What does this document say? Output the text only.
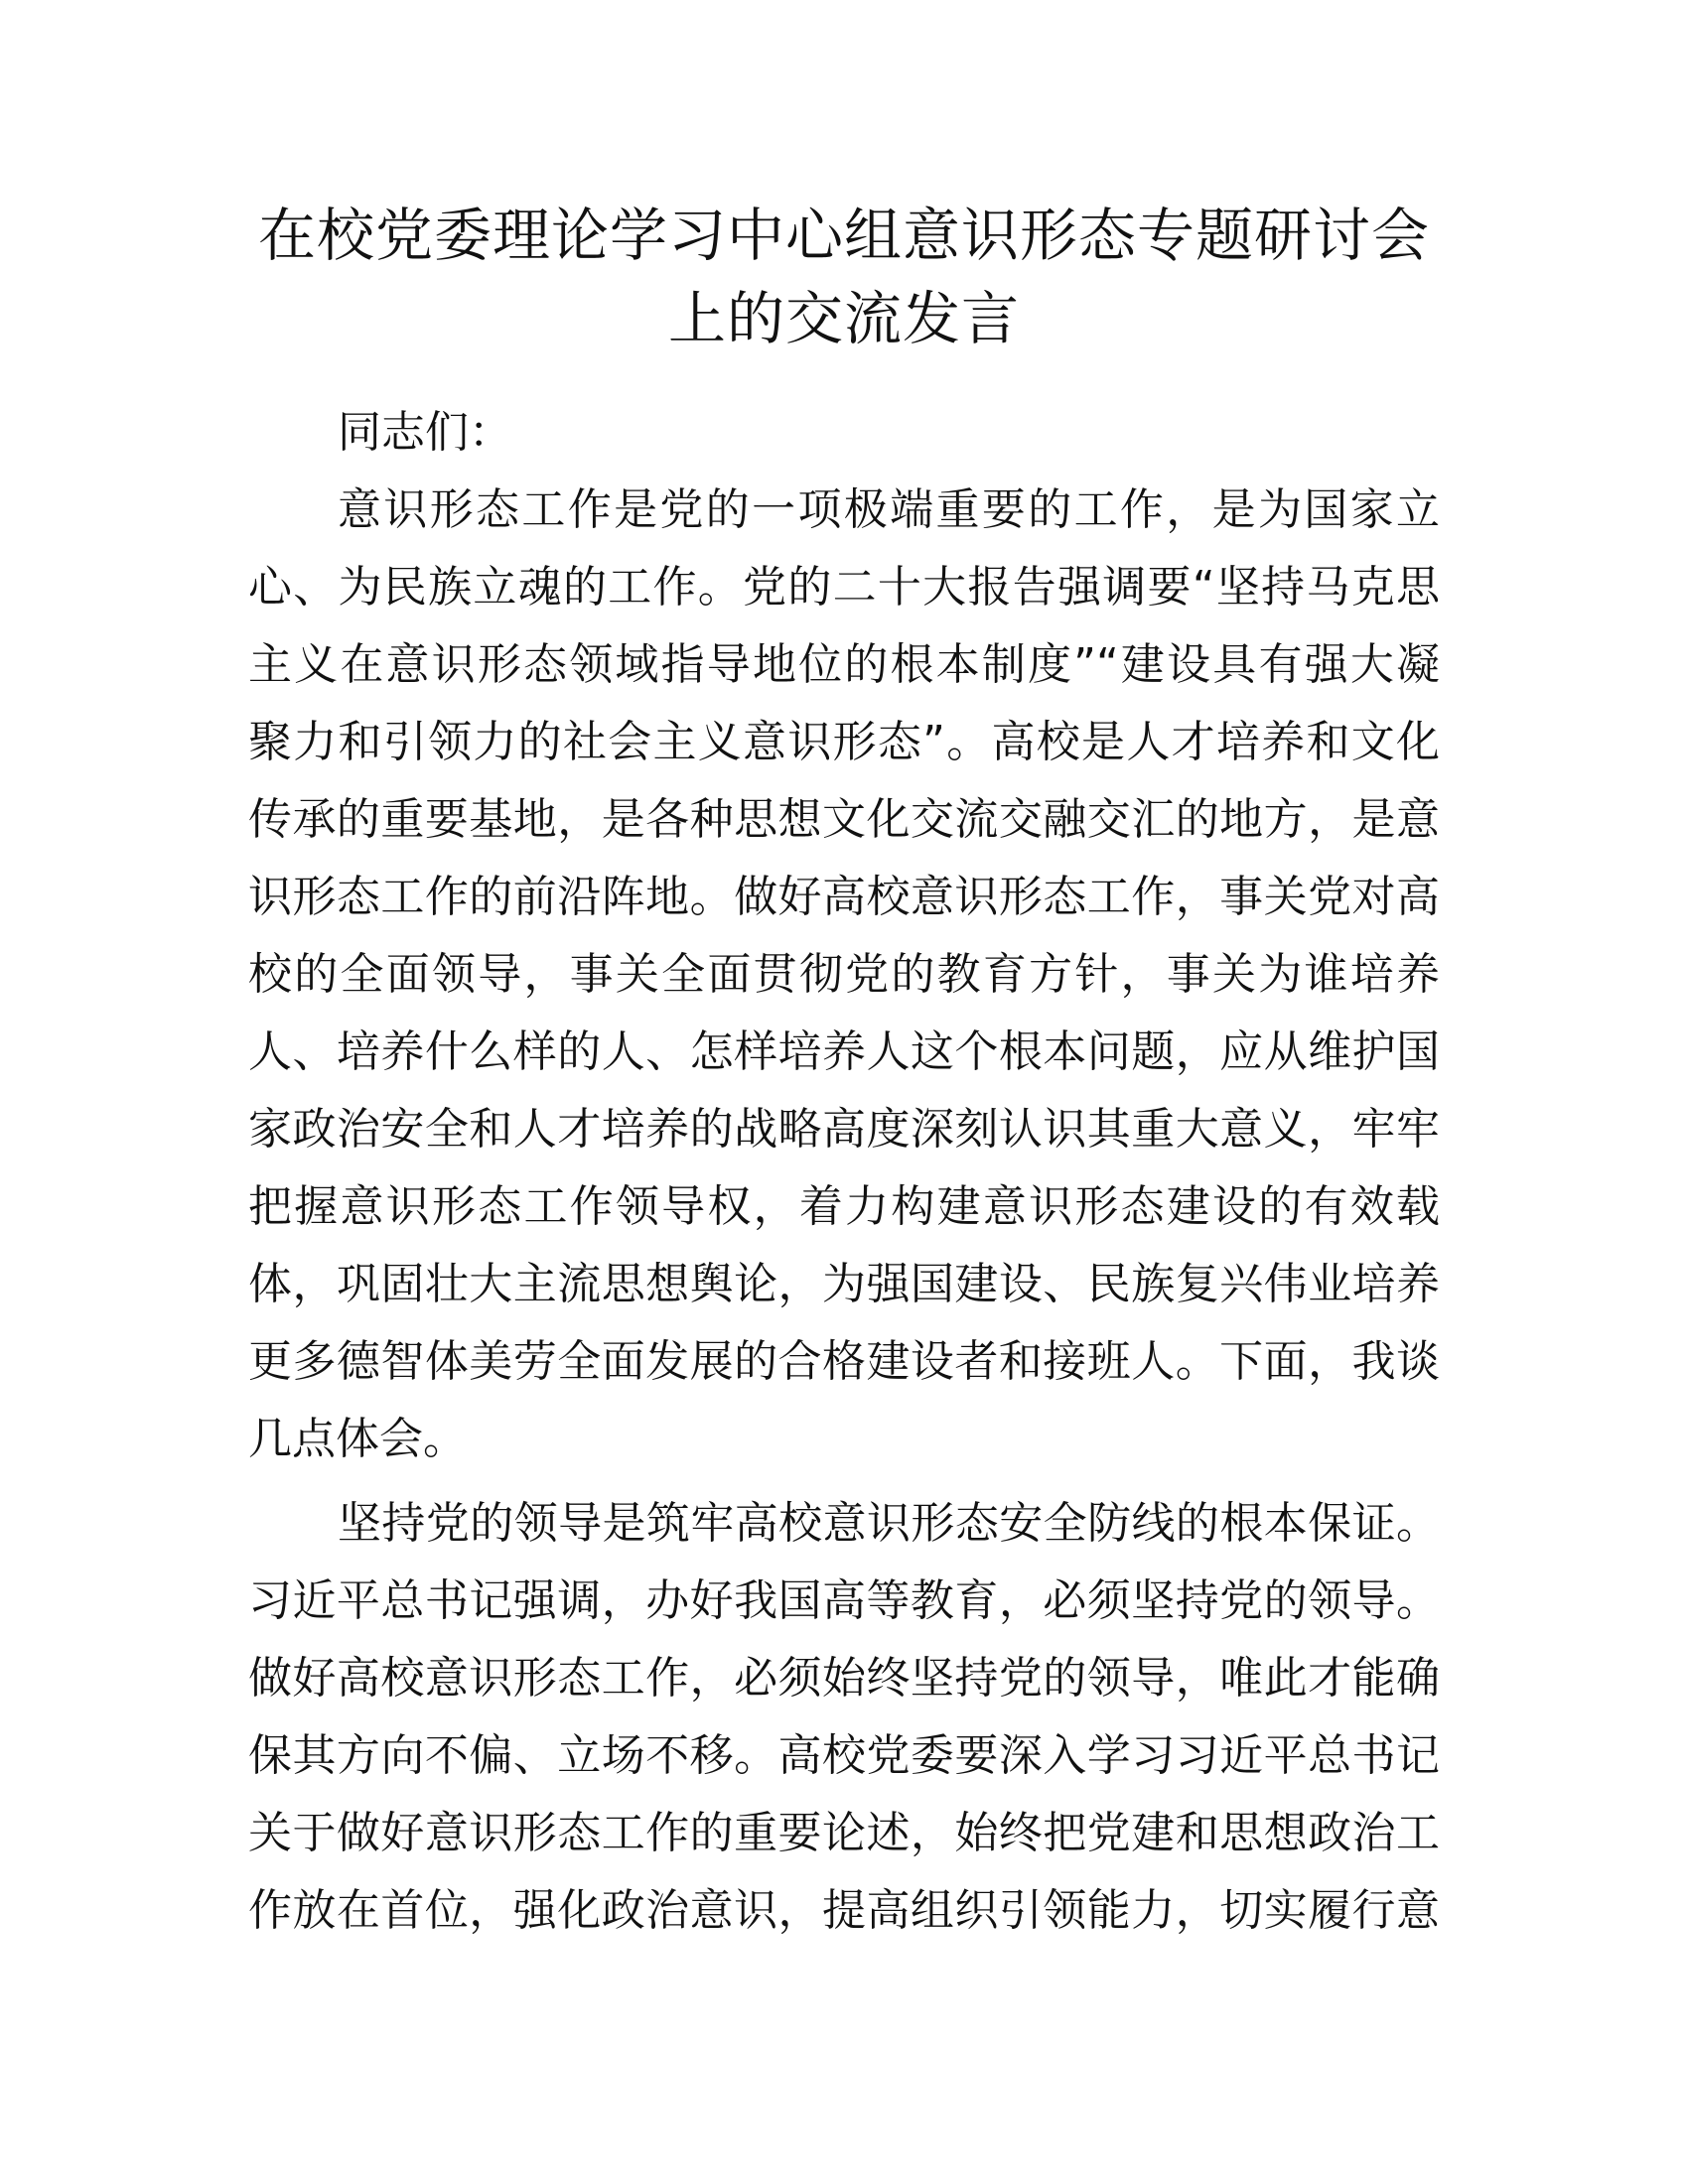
在校党委理论学习中心组意识形态专题研讨会
上的交流发言
同志们：
意识形态工作是党的一项极端重要的工作，是为国家立
心、为民族立魂的工作。党的二十大报告强调要“坚持马克思
主义在意识形态领域指导地位的根本制度”“建设具有强大凝
聚力和引领力的社会主义意识形态”。高校是人才培养和文化
传承的重要基地，是各种思想文化交流交融交汇的地方，是意
识形态工作的前沿阵地。做好高校意识形态工作，事关党对高
校的全面领导，事关全面贯彻党的教育方针，事关为谁培养
人、培养什么样的人、怎样培养人这个根本问题，应从维护国
家政治安全和人才培养的战略高度深刻认识其重大意义，牢牢
把握意识形态工作领导权，着力构建意识形态建设的有效载
体，巩固壮大主流思想舆论，为强国建设、民族复兴伟业培养
更多德智体美劳全面发展的合格建设者和接班人。下面，我谈
几点体会。
坚持党的领导是筑牢高校意识形态安全防线的根本保证。
习近平总书记强调，办好我国高等教育，必须坚持党的领导。
做好高校意识形态工作，必须始终坚持党的领导，唯此才能确
保其方向不偏、立场不移。高校党委要深入学习习近平总书记
关于做好意识形态工作的重要论述，始终把党建和思想政治工
作放在首位，强化政治意识，提高组织引领能力，切实履行意
